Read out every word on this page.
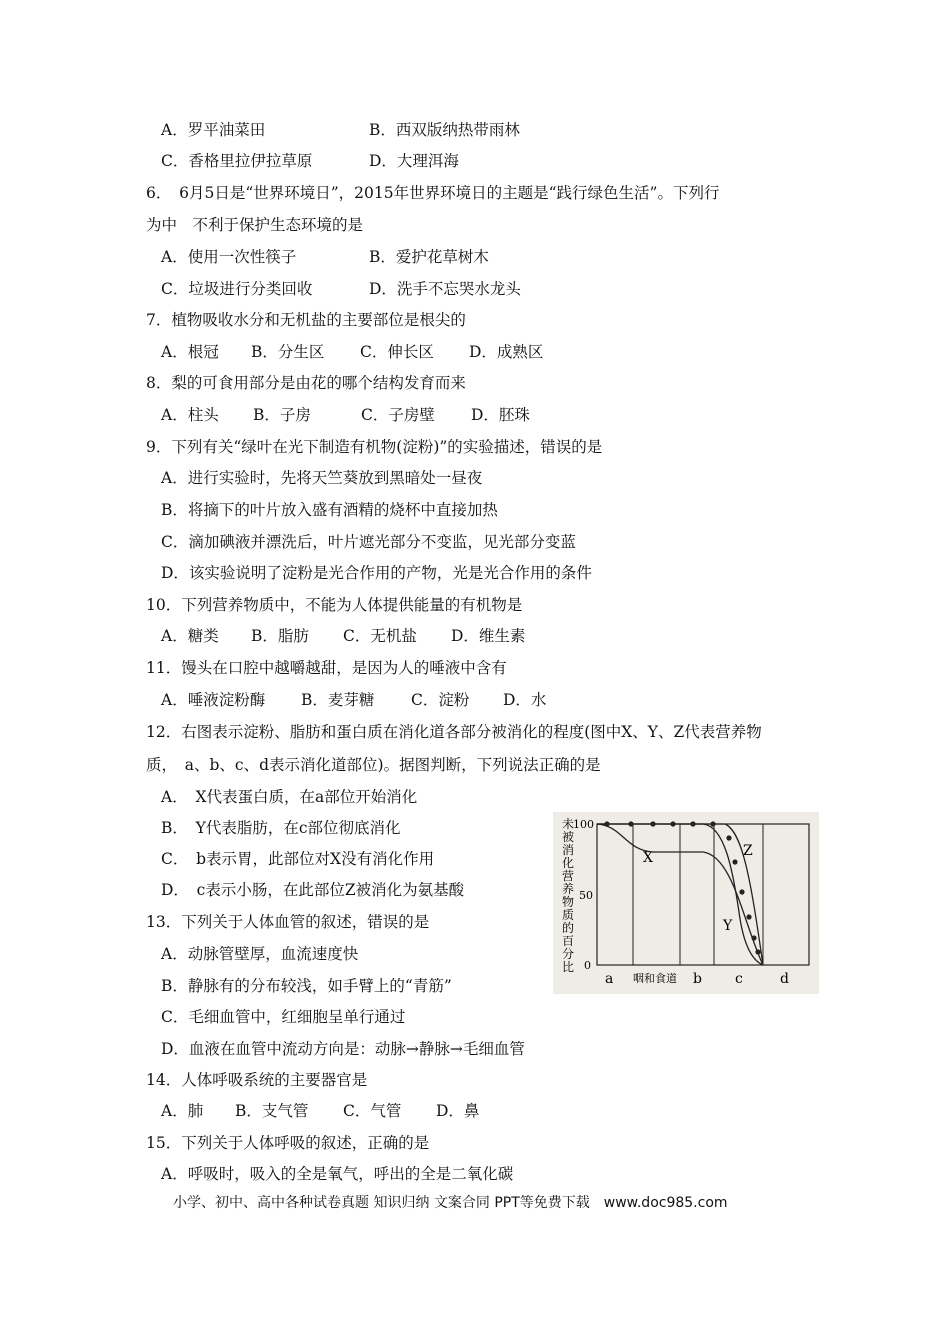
A．罗平油菜田	B．西双版纳热带雨林
C．香格里拉伊拉草原	D．大理洱海
6．　6月5日是“世界环境日”，2015年世界环境日的主题是“践行绿色生活”。下列行
为中　不利于保护生态环境的是
A．使用一次性筷子	B．爱护花草树木
C．垃圾进行分类回收	D．洗手不忘哭水龙头
7．植物吸收水分和无机盐的主要部位是根尖的
A．根冠 B．分生区 C．伸长区 D．成熟区
8．梨的可食用部分是由花的哪个结构发育而来
A．柱头 B．子房	C．子房壁 D．胚珠
9．下列有关“绿叶在光下制造有机物(淀粉)”的实验描述，错误的是
A．进行实验时，先将天竺葵放到黑暗处一昼夜
B．将摘下的叶片放入盛有酒精的烧杯中直接加热
C．滴加碘液并漂洗后，叶片遮光部分不变监，见光部分变蓝
D．该实验说明了淀粉是光合作用的产物，光是光合作用的条件
10．下列营养物质中，不能为人体提供能量的有机物是
A．糖类 B．脂肪 C．无机盐 D．维生素
11．馒头在口腔中越嚼越甜，是因为人的唾液中含有
A．唾液淀粉酶 B．麦芽糖 C．淀粉 D．水
12．右图表示淀粉、脂肪和蛋白质在消化道各部分被消化的程度(图中X、Y、Z代表营养物
质，　a、b、c、d表示消化道部位)。据图判断，下列说法正确的是
A．　X代表蛋白质，在a部位开始消化
B．　Y代表脂肪，在c部位彻底消化
C．　b表示胃，此部位对X没有消化作用
D．　c表示小肠，在此部位Z被消化为氨基酸
未
被
消
化
营
养
物
质
的
百
分
比
100
50
0
X
Y
Z
a 咽和食道 b c	d
13．下列关于人体血管的叙述，错误的是
A．动脉管壁厚，血流速度快
B．静脉有的分布较浅，如手臂上的“青筋”
C．毛细血管中，红细胞呈单行通过
D．血液在血管中流动方向是：动脉→静脉→毛细血管
14．人体呼吸系统的主要器官是
A．肺 B．支气管 C．气管 D．鼻
15．下列关于人体呼吸的叙述，正确的是
A．呼吸时，吸入的全是氧气，呼出的全是二氧化碳
小学、初中、高中各种试卷真题 知识归纳 文案合同 PPT等免费下载　www.doc985.com
